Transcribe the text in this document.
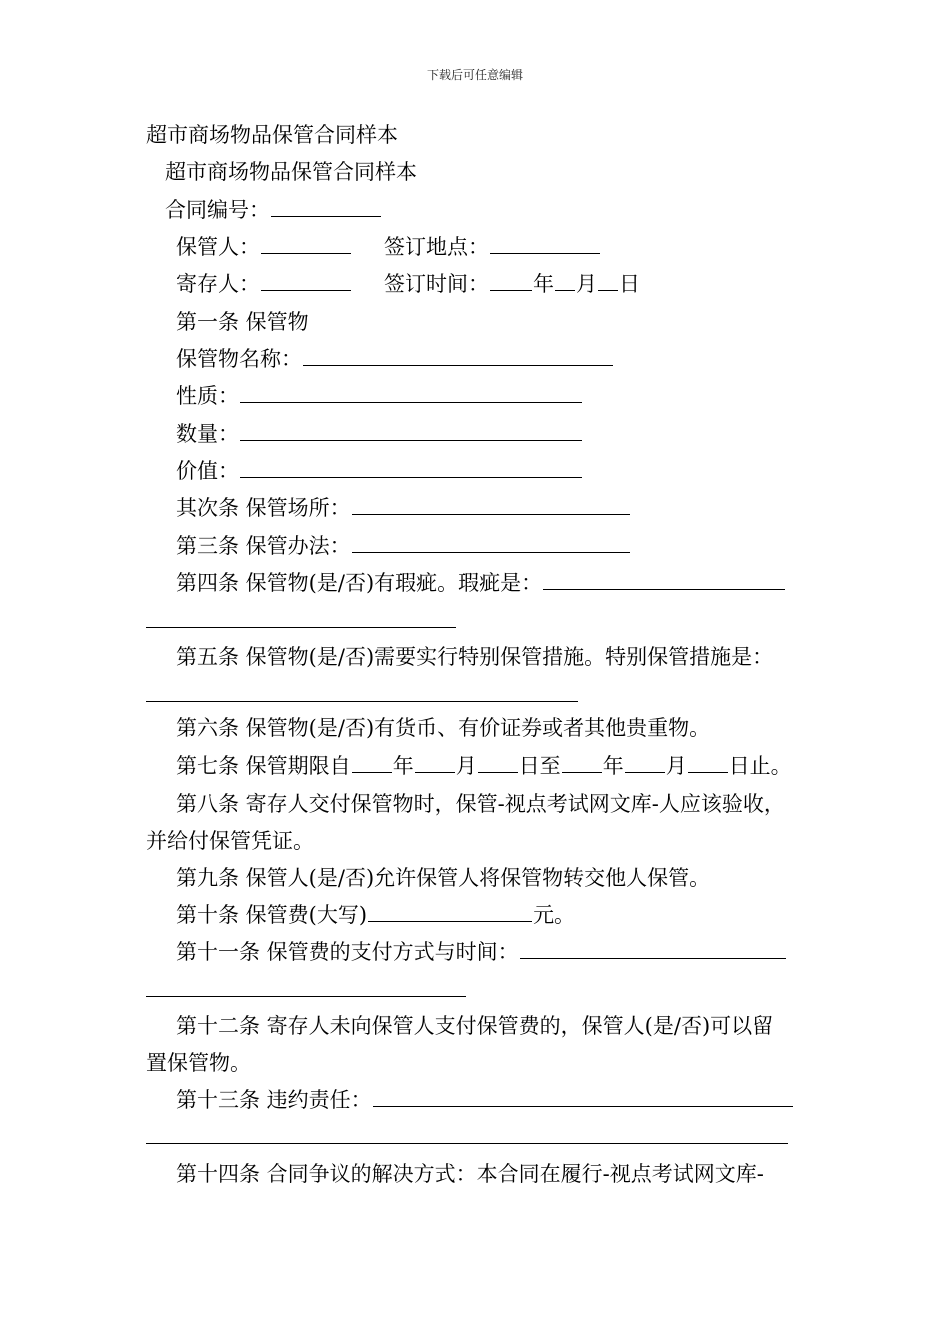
下载后可任意编辑
超市商场物品保管合同样本
超市商场物品保管合同样本
合同编号：
保管人：	签订地点：
寄存人：	签订时间： 年 月 日
第一条 保管物
保管物名称：
性质：
数量：
价值：
其次条 保管场所：
第三条 保管办法：
第四条 保管物(是/否)有瑕疵。瑕疵是：
第五条 保管物(是/否)需要实行特别保管措施。特别保管措施是：
第六条 保管物(是/否)有货币、有价证券或者其他贵重物。
第七条 保管期限自 年 月 日至 年 月 日止。
第八条 寄存人交付保管物时，保管-视点考试网文库-人应该验收，
并给付保管凭证。
第九条 保管人(是/否)允许保管人将保管物转交他人保管。
第十条 保管费(大写)	元。
第十一条 保管费的支付方式与时间：
第十二条 寄存人未向保管人支付保管费的，保管人(是/否)可以留
置保管物。
第十三条 违约责任：
第十四条 合同争议的解决方式：本合同在履行-视点考试网文库-
